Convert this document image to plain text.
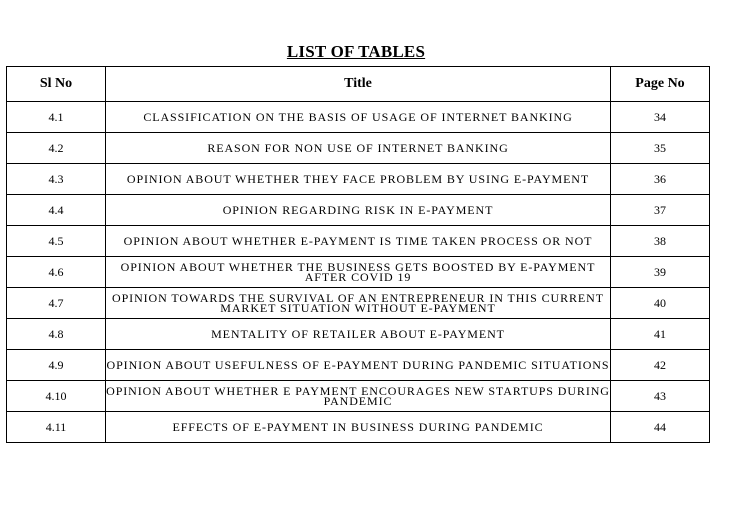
LIST OF TABLES
Sl No	Title	Page No
4.1	CLASSIFICATION ON THE BASIS OF USAGE OF INTERNET BANKING	34
4.2	REASON FOR NON USE OF INTERNET BANKING	35
4.3	OPINION ABOUT WHETHER THEY FACE PROBLEM BY USING E-PAYMENT	36
4.4	OPINION REGARDING RISK IN E-PAYMENT	37
4.5	OPINION ABOUT WHETHER E-PAYMENT IS TIME TAKEN PROCESS OR NOT	38
4.6	OPINION ABOUT WHETHER THE BUSINESS GETS BOOSTED BY E-PAYMENT AFTER COVID 19	39
4.7	OPINION TOWARDS THE SURVIVAL OF AN ENTREPRENEUR IN THIS CURRENT MARKET SITUATION WITHOUT E-PAYMENT	40
4.8	MENTALITY OF RETAILER ABOUT E-PAYMENT	41
4.9	OPINION ABOUT USEFULNESS OF E-PAYMENT DURING PANDEMIC SITUATIONS	42
4.10	OPINION ABOUT WHETHER E PAYMENT ENCOURAGES NEW STARTUPS DURING PANDEMIC	43
4.11	EFFECTS OF E-PAYMENT IN BUSINESS DURING PANDEMIC	44
